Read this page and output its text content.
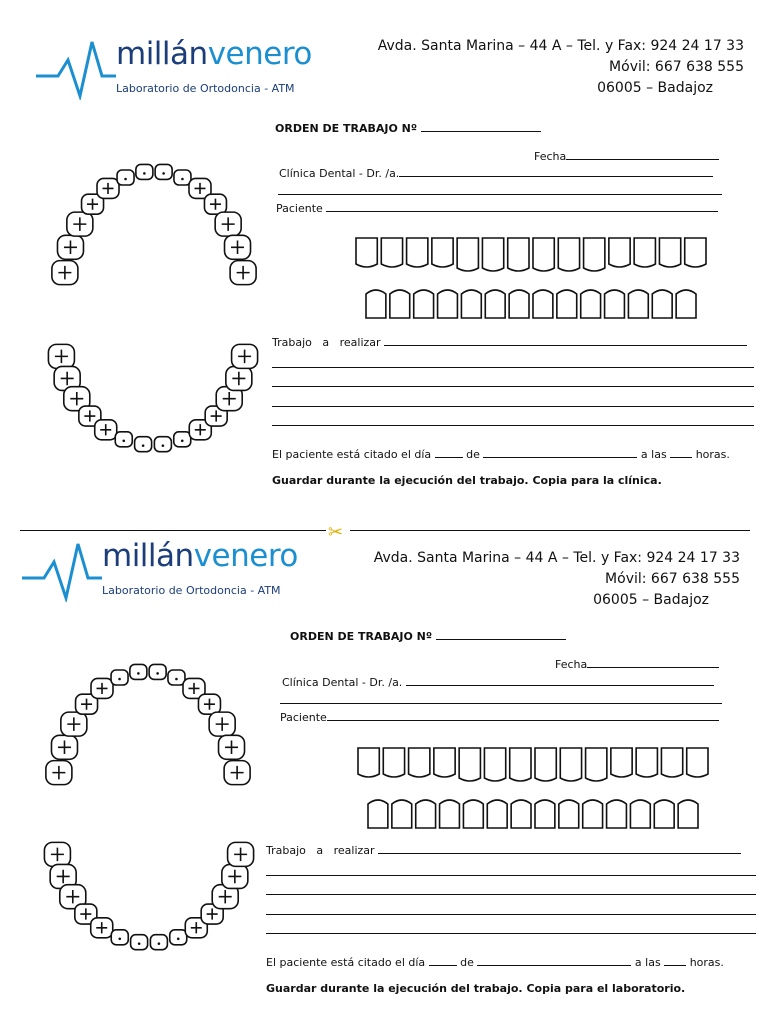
millánvenero
Laboratorio de Ortodoncia - ATM
Avda. Santa Marina – 44 A – Tel. y Fax: 924 24 17 33
Móvil: 667 638 555
06005 – Badajoz
ORDEN DE TRABAJO Nº
Fecha
Clínica Dental - Dr. /a.
Paciente
Trabajo   a   realizar
El paciente está citado el día	de	a las	horas.
Guardar durante la ejecución del trabajo. Copia para la clínica.
✂
millánvenero
Laboratorio de Ortodoncia - ATM
Avda. Santa Marina – 44 A – Tel. y Fax: 924 24 17 33
Móvil: 667 638 555
06005 – Badajoz
ORDEN DE TRABAJO Nº
Fecha
Clínica Dental - Dr. /a.
Paciente
Trabajo   a   realizar
El paciente está citado el día	de	a las	horas.
Guardar durante la ejecución del trabajo. Copia para el laboratorio.
